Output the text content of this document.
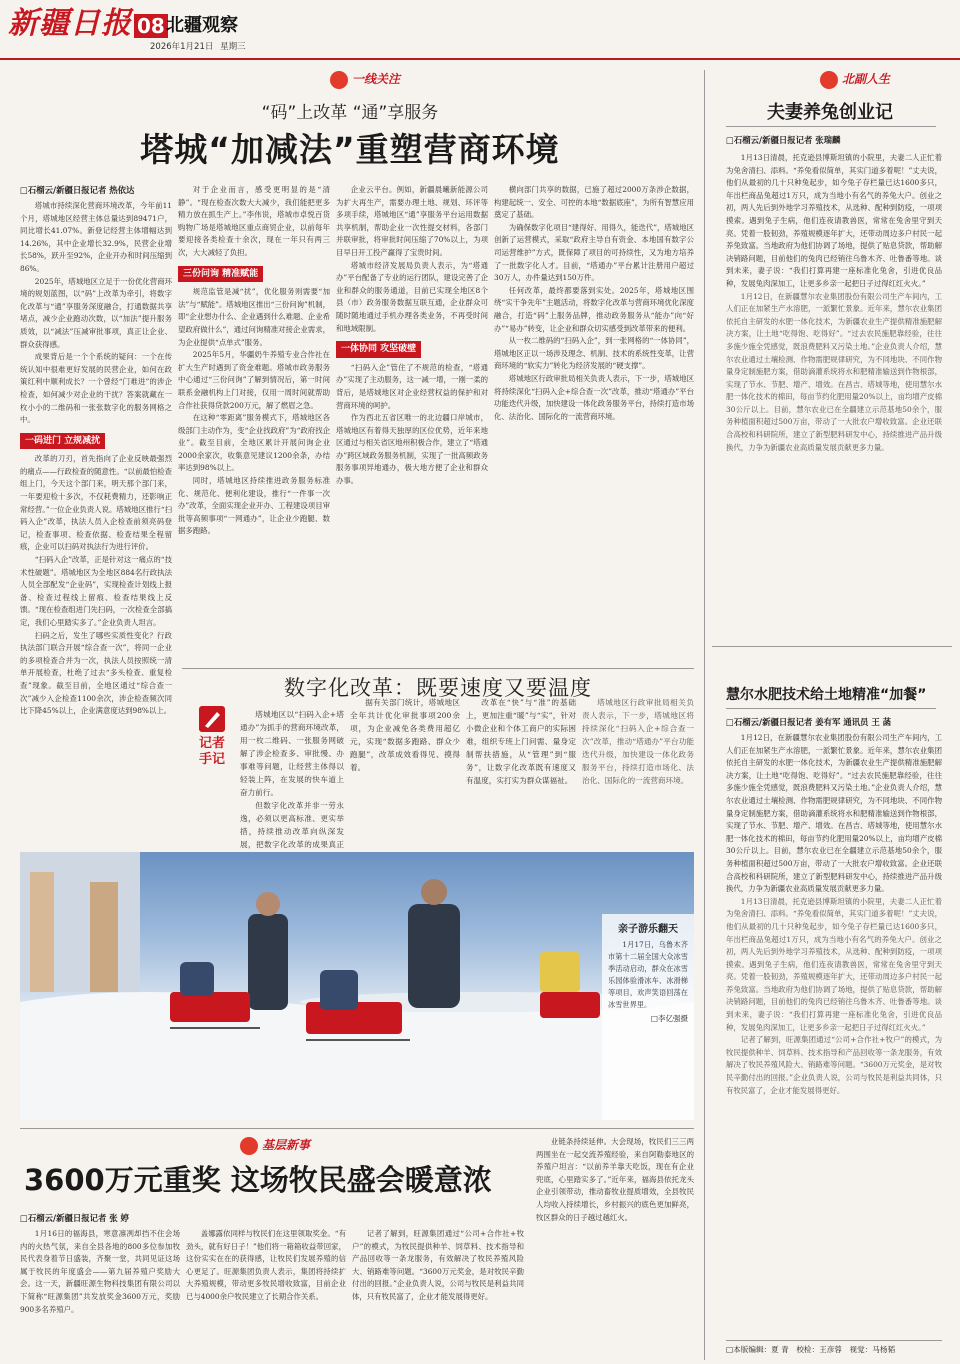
新疆日报 08 北疆观察
2026年1月21日 星期三
一线关注
“码”上改革 “通”享服务
塔城“加减法”重塑营商环境
□石榴云/新疆日报记者 热依达

塔城市持续深化营商环境改革，今年前11个月，塔城地区经营主体总量达到89471户，同比增长41.07%。新登记经营主体增幅达到14.26%，其中企业增长32.9%，民营企业增长58%，跃升至92%，企业开办和时间压缩到86%。

2025年，塔城地区立足于一份优化营商环境的规划蓝图，以“码”上改革为牵引，将数字化改革与“通”享服务深度融合，打通数据共享堵点，减少企业跑动次数，以“加法”提升服务质效，以“减法”压减审批事项，真正让企业、群众获得感。

成果背后是一个个系统的疑问：一个在传统认知中很难更好发展的民营企业，如何在政策红利中顺利成长？一个曾经“门难进”的涉企检查，如何减少对企业的干扰？答案就藏在一枚小小的二维码和一张张数字化的服务网格之中。

一码进门 立规减扰

改革的刀刃，首先指向了企业反映最强烈的痛点——行政检查的随意性。“以前最怕检查组上门，今天这个部门来，明天那个部门来，一年要迎检十多次，不仅耗费精力，还影响正常经营。”一位企业负责人说。塔城地区推行“扫码入企”改革，执法人员入企检查前须亮码登记，检查事项、检查依据、检查结果全程留痕，企业可以扫码对执法行为进行评价。

“扫码入企”改革，正是针对这一痛点的“技术性破题”。塔城地区为全地区884名行政执法人员全部配发“企业码”，实现检查计划线上报备、检查过程线上留痕、检查结果线上反馈。“现在检查组进门先扫码，一次检查全部搞定，我们心里踏实多了。”企业负责人坦言。

扫码之后，发生了哪些实质性变化？行政执法部门联合开展“综合查一次”，将同一企业的多项检查合并为一次，执法人员按照统一清单开展检查，杜绝了过去“多头检查、重复检查”现象。截至目前，全地区通过“综合查一次”减少入企检查1100余次，涉企检查频次同比下降45%以上，企业满意度达到98%以上。

对于企业而言，感受更明显的是“清静”。“现在检查次数大大减少，我们能把更多精力放在抓生产上。”李伟说，塔城市卓悦百货购物广场是塔城地区重点商贸企业，以前每年要迎接各类检查十余次，现在一年只有两三次，大大减轻了负担。

三份问询 精准赋能

规范监管是减“扰”，优化服务则需要“加法”与“赋能”。塔城地区推出“三份问询”机制，即“企业想办什么、企业遇到什么难题、企业希望政府做什么”，通过问询精准对接企业需求，为企业提供“点单式”服务。

2025年5月，华疆奶牛养殖专业合作社在扩大生产时遇到了资金难题。塔城市政务服务中心通过“三份问询”了解到情况后，第一时间联系金融机构上门对接，仅用一周时间就帮助合作社获得贷款200万元，解了燃眉之急。

在这种“零距离”服务模式下，塔城地区各级部门主动作为，变“企业找政府”为“政府找企业”。截至目前，全地区累计开展问询企业2000余家次，收集意见建议1200余条，办结率达到98%以上。

同时，塔城地区持续推进政务服务标准化、规范化、便利化建设，推行“一件事一次办”改革，全面实现企业开办、工程建设项目审批等高频事项“一网通办”，让企业少跑腿、数据多跑路。

企业云平台。例如，新疆晨曦新能源公司为扩大再生产，需要办理土地、规划、环评等多项手续，塔城地区“通”享服务平台运用数据共享机制，帮助企业一次性提交材料，各部门并联审批，将审批时间压缩了70%以上，为项目早日开工投产赢得了宝贵时间。

塔城市经济发展局负责人表示，为“塔通办”平台配备了专业的运行团队，建设完善了企业和群众的服务通道，目前已实现全地区8个县（市）政务服务数据互联互通，企业群众可随时随地通过手机办理各类业务，不再受时间和地域限制。

一体协同 攻坚破壁

“扫码入企”管住了不规范的检查，“塔通办”实现了主动服务，这一减一增，一刚一柔的背后，是塔城地区对企业经营权益的保护和对营商环境的呵护。

作为西北五省区唯一的北边疆口岸城市，塔城地区有着得天独厚的区位优势，近年来地区通过与相关省区地州积极合作，建立了“塔通办”跨区域政务服务机制，实现了一批高频政务服务事项异地通办，极大地方便了企业和群众办事。

横向部门共享的数据，已施了超过2000万条涉企数据，构建起统一、安全、可控的本地“数据底座”，为所有智慧应用奠定了基础。

为确保数字化项目“建得好、用得久，能迭代”，塔城地区创新了运营模式，采取“政府主导自有资金、本地国有数字公司运营维护”方式，既保障了项目的可持续性，又为地方培养了一批数字化人才。目前，“塔通办”平台累计注册用户超过30万人，办件量达到150万件。

任何改革，最终都要落到实处。2025年，塔城地区围绕“实干争先年”主题活动，将数字化改革与营商环境优化深度融合，打造“码”上服务品牌，推动政务服务从“能办”向“好办”“易办”转变，让企业和群众切实感受到改革带来的便利。

从一枚二维码的“扫码入企”，到一张网格的“一体协同”，塔城地区正以一场涉及理念、机制、技术的系统性变革，让营商环境的“软实力”转化为经济发展的“硬支撑”。

塔城地区行政审批局相关负责人表示，下一步，塔城地区将持续深化“扫码入企+综合查一次”改革，推动“塔通办”平台功能迭代升级，加快建设一体化政务服务平台，持续打造市场化、法治化、国际化的一流营商环境。

数字化改革：既要速度又要温度
记者手记

塔城地区以“扫码入企+塔通办”为抓手的营商环境改革，用一枚二维码、一张服务网破解了涉企检查多、审批慢、办事难等问题，让经营主体得以轻装上阵，在发展的快车道上奋力前行。

但数字化改革并非一劳永逸，必须以更高标准、更实举措，持续推动改革向纵深发展，把数字化改革的成果真正

据有关部门统计，塔城地区全年共计优化审批事项200余项，为企业减免各类费用超亿元，实现“数据多跑路、群众少跑腿”，改革成效看得见、摸得着。

改革在“快”与“准”的基础上，更加注重“暖”与“实”，针对小微企业和个体工商户的实际困难，组织专班上门问需、量身定制帮扶措施，从“管理”到“服务”，让数字化改革既有速度又有温度，实打实为群众谋福祉。

塔城地区行政审批局相关负责人表示，下一步，塔城地区将持续深化“扫码入企+综合查一次”改革，推动“塔通办”平台功能迭代升级，加快建设一体化政务服务平台，持续打造市场化、法治化、国际化的一流营商环境。

亲子游乐翻天
1月17日，乌鲁木齐市第十二届全国大众冰雪季活动启动，群众在冰雪乐园体验滑冰车、冰滑梯等项目，欢声笑语回荡在冰雪世界里。
□李亿强摄
基层新事
3600万元重奖 这场牧民盛会暖意浓
□石榴云/新疆日报记者 张 婷

1月16日的福海县，寒意凛冽却挡不住会场内的火热气氛，来自全县各地的800多位参加牧民代表身着节日盛装，齐聚一堂，共同见证这场属于牧民的年度盛会——第九届养殖户奖励大会。这一天，新疆旺源生物科技集团有限公司以下简称“旺源集团”共发放奖金3600万元，奖励900多名养殖户。

盖娜露依同样与牧民们在这里领取奖金。“有劲头，就有好日子！”他们将一箱箱收益带回家，这份实实在在的获得感，让牧民们发展养殖的信心更足了。旺源集团负责人表示，集团将持续扩大养殖规模，带动更多牧民增收致富，目前企业已与4000余户牧民建立了长期合作关系。

记者了解到，旺源集团通过“公司+合作社+牧户”的模式，为牧民提供种羊、饲草料、技术指导和产品回收等一条龙服务，有效解决了牧民养殖风险大、销路难等问题。“3600万元奖金，是对牧民辛勤付出的回报。”企业负责人说，公司与牧民是利益共同体，只有牧民富了，企业才能发展得更好。

业链条持续延伸。大会现场，牧民们三三两两围坐在一起交流养殖经验，来自阿勒泰地区的养殖户坦言：“以前养羊靠天吃饭，现在有企业兜底，心里踏实多了。”近年来，福海县依托龙头企业引领带动，推动畜牧业提质增效，全县牧民人均收入持续增长，乡村振兴的底色更加鲜亮，牧区群众的日子越过越红火。

北副人生
夫妻养兔创业记
□石榴云/新疆日报记者 张瑞麟

1月13日清晨，托克逊县博斯坦镇的小院里，夫妻二人正忙着为兔舍清扫、添料。“养兔看似简单，其实门道多着呢！”丈夫说，他们从最初的几十只种兔起步，如今兔子存栏量已达1600多只，年出栏商品兔超过1万只，成为当地小有名气的养兔大户。创业之初，两人先后到外地学习养殖技术，从选种、配种到防疫，一项项摸索。遇到兔子生病，他们连夜请教兽医，常常在兔舍里守到天亮。凭着一股韧劲，养殖规模逐年扩大，还带动周边多户村民一起养兔致富。当地政府为他们协调了场地，提供了贴息贷款，帮助解决销路问题，目前他们的兔肉已经销往乌鲁木齐、吐鲁番等地。谈到未来，妻子说：“我们打算再建一座标准化兔舍，引进优良品种，发展兔肉深加工，让更多乡亲一起把日子过得红红火火。”

1月12日，在新疆慧尔农业集团股份有限公司生产车间内，工人们正在加紧生产水溶肥，一派繁忙景象。近年来，慧尔农业集团依托自主研发的水肥一体化技术，为新疆农业生产提供精准施肥解决方案，让土地“吃得饱、吃得好”。“过去农民施肥靠经验，往往多施少施全凭感觉，既浪费肥料又污染土地。”企业负责人介绍，慧尔农业通过土壤检测、作物需肥规律研究，为不同地块、不同作物量身定制施肥方案，借助滴灌系统将水和肥精准输送到作物根部，实现了节水、节肥、增产、增效。在昌吉、塔城等地，使用慧尔水肥一体化技术的棉田，每亩节约化肥用量20%以上，亩均增产皮棉30公斤以上。目前，慧尔农业已在全疆建立示范基地50余个，服务种植面积超过500万亩，带动了一大批农户增收致富。企业还联合高校和科研院所，建立了新型肥料研发中心，持续推进产品升级换代，力争为新疆农业高质量发展贡献更多力量。

慧尔水肥技术给土地精准“加餐”
□石榴云/新疆日报记者 姜有军 通讯员 王 菡

1月12日，在新疆慧尔农业集团股份有限公司生产车间内，工人们正在加紧生产水溶肥，一派繁忙景象。近年来，慧尔农业集团依托自主研发的水肥一体化技术，为新疆农业生产提供精准施肥解决方案，让土地“吃得饱、吃得好”。“过去农民施肥靠经验，往往多施少施全凭感觉，既浪费肥料又污染土地。”企业负责人介绍，慧尔农业通过土壤检测、作物需肥规律研究，为不同地块、不同作物量身定制施肥方案，借助滴灌系统将水和肥精准输送到作物根部，实现了节水、节肥、增产、增效。在昌吉、塔城等地，使用慧尔水肥一体化技术的棉田，每亩节约化肥用量20%以上，亩均增产皮棉30公斤以上。目前，慧尔农业已在全疆建立示范基地50余个，服务种植面积超过500万亩，带动了一大批农户增收致富。企业还联合高校和科研院所，建立了新型肥料研发中心，持续推进产品升级换代，力争为新疆农业高质量发展贡献更多力量。

1月13日清晨，托克逊县博斯坦镇的小院里，夫妻二人正忙着为兔舍清扫、添料。“养兔看似简单，其实门道多着呢！”丈夫说，他们从最初的几十只种兔起步，如今兔子存栏量已达1600多只，年出栏商品兔超过1万只，成为当地小有名气的养兔大户。创业之初，两人先后到外地学习养殖技术，从选种、配种到防疫，一项项摸索。遇到兔子生病，他们连夜请教兽医，常常在兔舍里守到天亮。凭着一股韧劲，养殖规模逐年扩大，还带动周边多户村民一起养兔致富。当地政府为他们协调了场地，提供了贴息贷款，帮助解决销路问题，目前他们的兔肉已经销往乌鲁木齐、吐鲁番等地。谈到未来，妻子说：“我们打算再建一座标准化兔舍，引进优良品种，发展兔肉深加工，让更多乡亲一起把日子过得红红火火。”

记者了解到，旺源集团通过“公司+合作社+牧户”的模式，为牧民提供种羊、饲草料、技术指导和产品回收等一条龙服务，有效解决了牧民养殖风险大、销路难等问题。“3600万元奖金，是对牧民辛勤付出的回报。”企业负责人说，公司与牧民是利益共同体，只有牧民富了，企业才能发展得更好。

□本版编辑：夏 青　校检：王彦蓉　视觉：马杨韬
